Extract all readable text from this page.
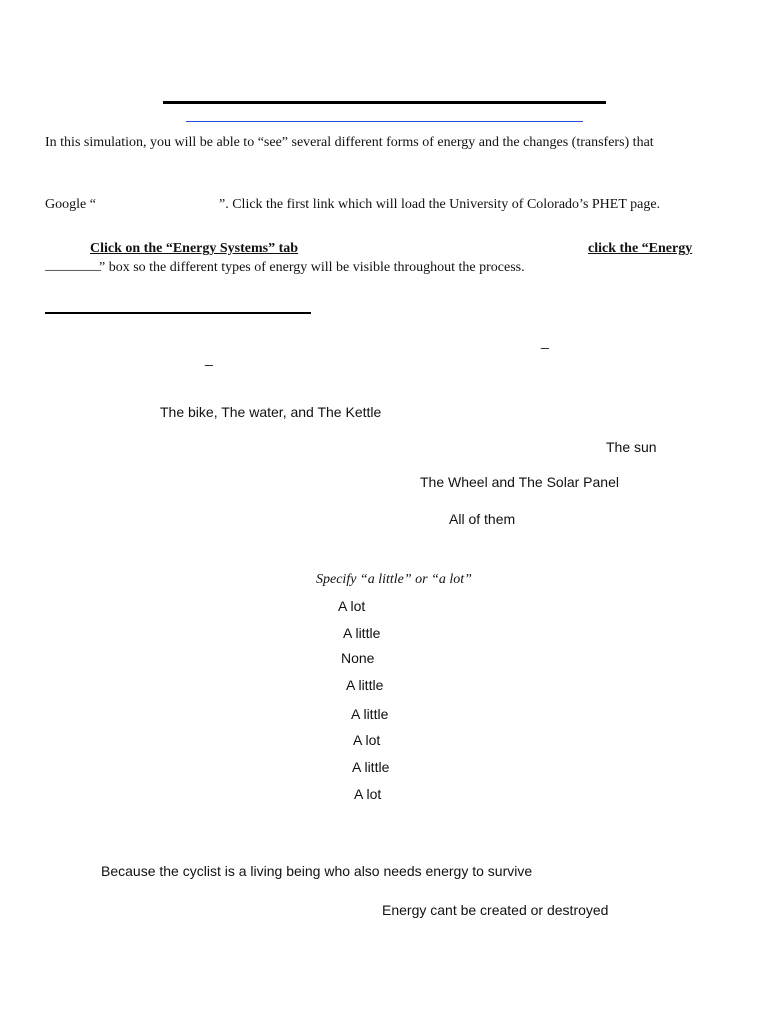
In this simulation, you will be able to “see” several different forms of energy and the changes (transfers) that
Google “	”. Click the first link which will load the University of Colorado’s PHET page.
Click on the “Energy Systems” tab	click the “Energy
________
” box so the different types of energy will be visible throughout the process.
_
_
The bike, The water, and The Kettle
The sun
The Wheel and The Solar Panel
All of them
Specify “a little” or “a lot”
A lot
A little
None
A little
A little
A lot
A little
A lot
Because the cyclist is a living being who also needs energy to survive
Energy cant be created or destroyed
